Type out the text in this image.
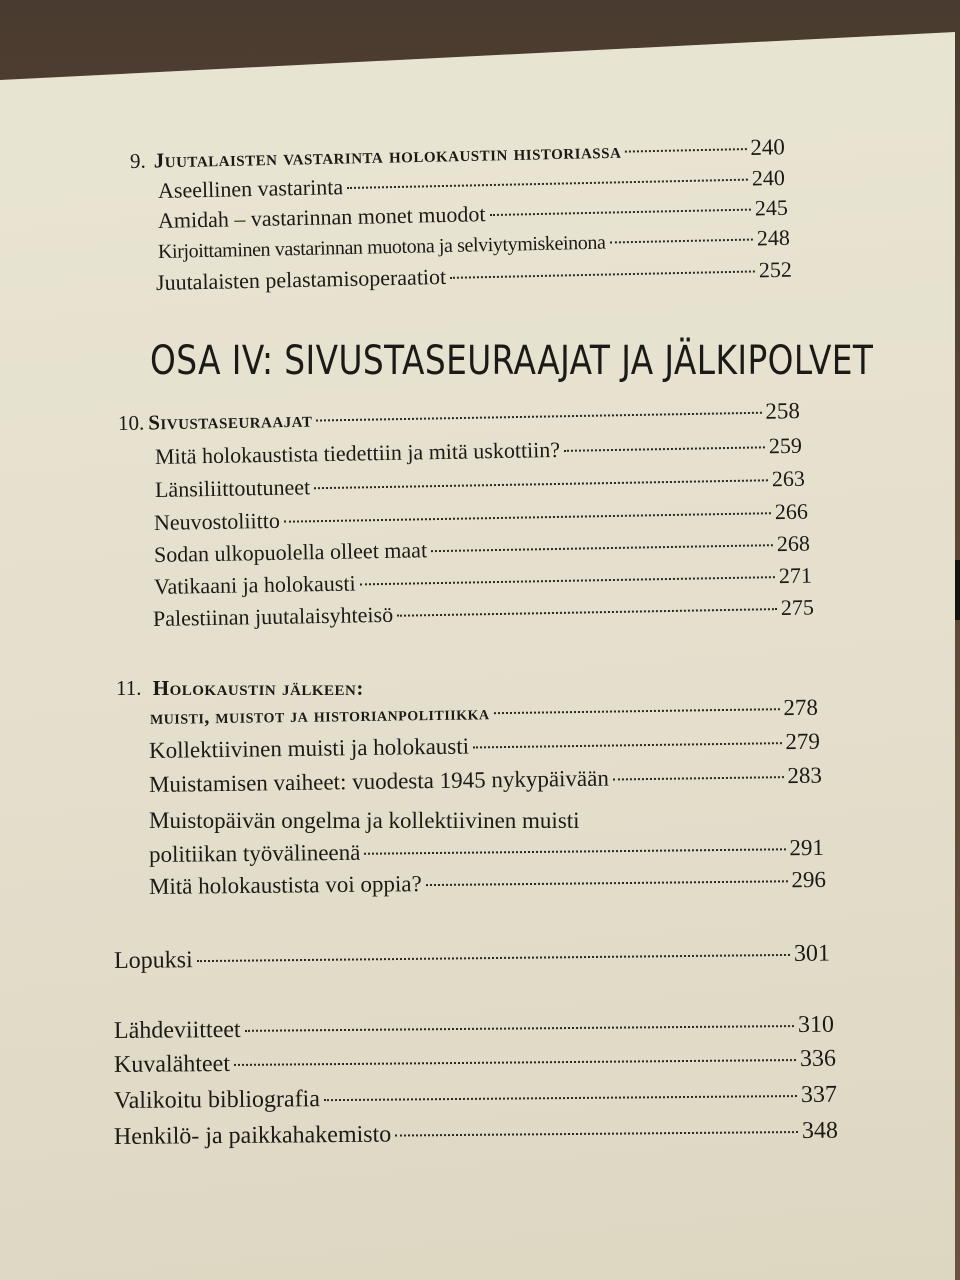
9. Juutalaisten vastarinta holokaustin historiassa	240
Aseellinen vastarinta	240
Amidah – vastarinnan monet muodot	245
Kirjoittaminen vastarinnan muotona ja selviytymiskeinona	248
Juutalaisten pelastamisoperaatiot	252
OSA IV: SIVUSTASEURAAJAT JA JÄLKIPOLVET
10. Sivustaseuraajat	258
Mitä holokaustista tiedettiin ja mitä uskottiin?	259
Länsiliittoutuneet	263
Neuvostoliitto	266
Sodan ulkopuolella olleet maat	268
Vatikaani ja holokausti	271
Palestiinan juutalaisyhteisö	275
11. Holokaustin jälkeen:
muisti, muistot ja historianpolitiikka	278
Kollektiivinen muisti ja holokausti	279
Muistamisen vaiheet: vuodesta 1945 nykypäivään	283
Muistopäivän ongelma ja kollektiivinen muisti
politiikan työvälineenä	291
Mitä holokaustista voi oppia?	296
Lopuksi	301
Lähdeviitteet	310
Kuvalähteet	336
Valikoitu bibliografia	337
Henkilö- ja paikkahakemisto	348
